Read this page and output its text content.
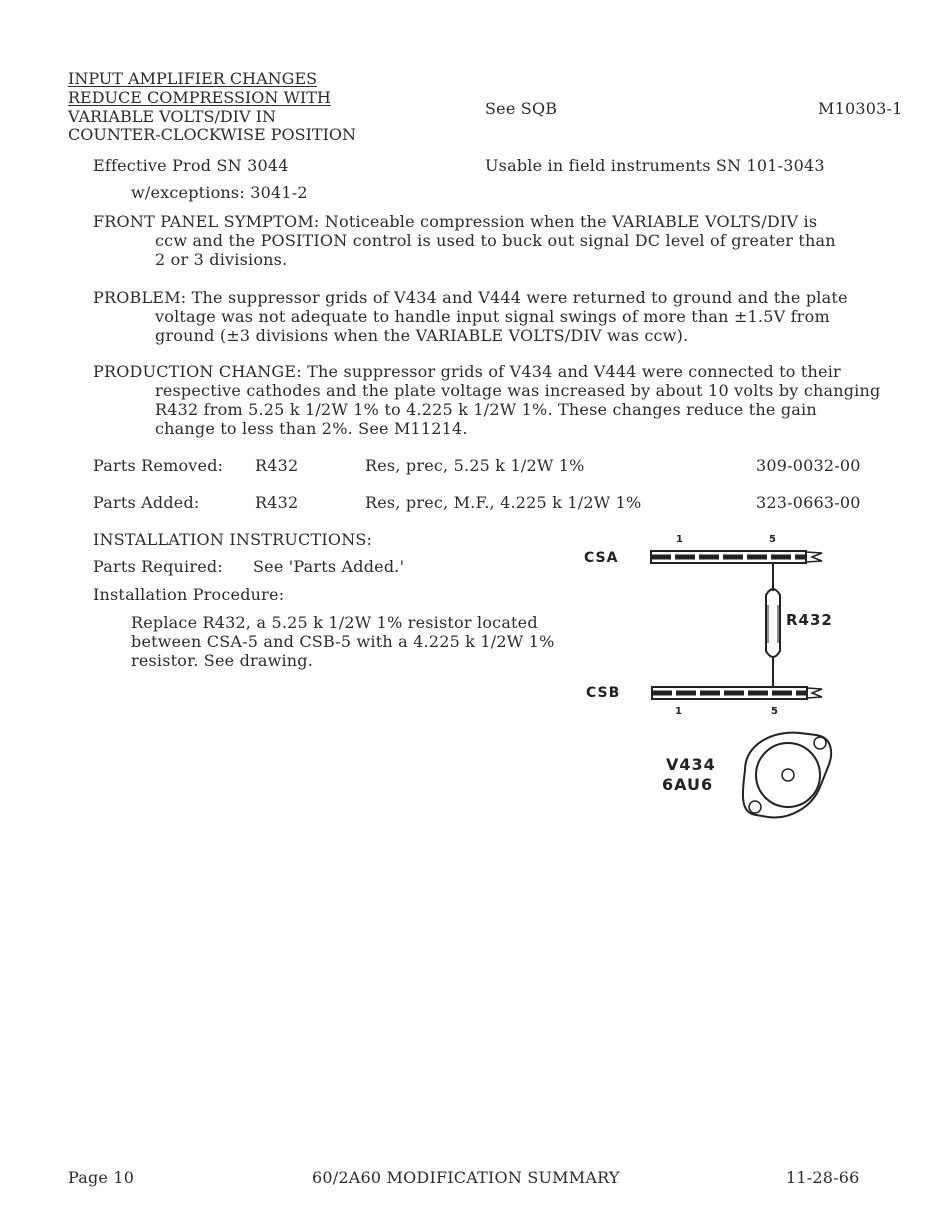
INPUT AMPLIFIER CHANGES
REDUCE COMPRESSION WITH
VARIABLE VOLTS/DIV IN
COUNTER-CLOCKWISE POSITION
See SQB	M10303-1
Effective Prod SN 3044	Usable in field instruments SN 101-3043
w/exceptions: 3041-2
FRONT PANEL SYMPTOM: Noticeable compression when the VARIABLE VOLTS/DIV is
ccw and the POSITION control is used to buck out signal DC level of greater than
2 or 3 divisions.
PROBLEM: The suppressor grids of V434 and V444 were returned to ground and the plate
voltage was not adequate to handle input signal swings of more than ±1.5V from
ground (±3 divisions when the VARIABLE VOLTS/DIV was ccw).
PRODUCTION CHANGE: The suppressor grids of V434 and V444 were connected to their
respective cathodes and the plate voltage was increased by about 10 volts by changing
R432 from 5.25 k 1/2W 1% to 4.225 k 1/2W 1%. These changes reduce the gain
change to less than 2%. See M11214.
Parts Removed: R432	Res, prec, 5.25 k 1/2W 1%	309-0032-00
Parts Added:	R432	Res, prec, M.F., 4.225 k 1/2W 1%	323-0663-00
INSTALLATION INSTRUCTIONS:
Parts Required: See 'Parts Added.'
Installation Procedure:
Replace R432, a 5.25 k 1/2W 1% resistor located
between CSA-5 and CSB-5 with a 4.225 k 1/2W 1%
resistor. See drawing.
1	5
CSA
R432
CSB
1	5
V434
6AU6
Page 10	60/2A60 MODIFICATION SUMMARY	11-28-66
